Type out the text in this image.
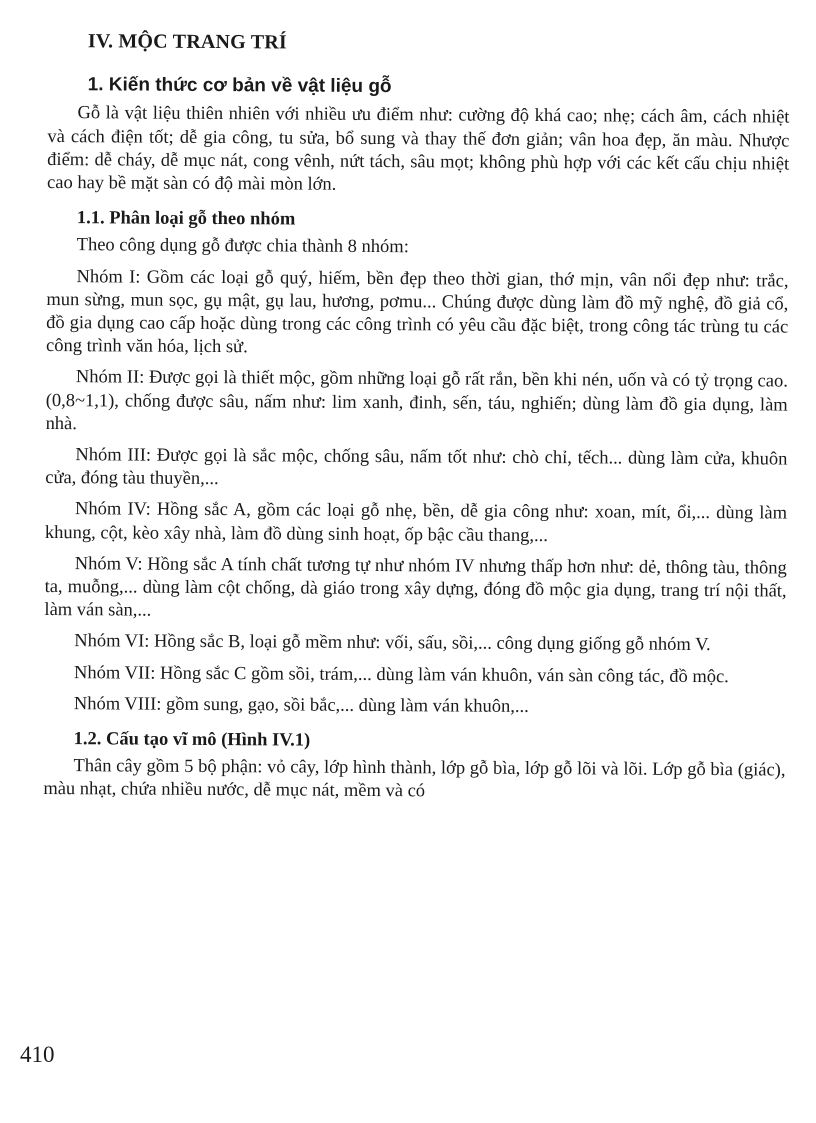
IV. MỘC TRANG TRÍ
1. Kiến thức cơ bản về vật liệu gỗ

Gỗ là vật liệu thiên nhiên với nhiều ưu điểm như: cường độ khá cao; nhẹ; cách âm, cách nhiệt và cách điện tốt; dễ gia công, tu sửa, bổ sung và thay thế đơn giản; vân hoa đẹp, ăn màu. Nhược điểm: dễ cháy, dễ mục nát, cong vênh, nứt tách, sâu mọt; không phù hợp với các kết cấu chịu nhiệt cao hay bề mặt sàn có độ mài mòn lớn.

1.1. Phân loại gỗ theo nhóm

Theo công dụng gỗ được chia thành 8 nhóm:

Nhóm I: Gồm các loại gỗ quý, hiếm, bền đẹp theo thời gian, thớ mịn, vân nổi đẹp như: trắc, mun sừng, mun sọc, gụ mật, gụ lau, hương, pơmu... Chúng được dùng làm đồ mỹ nghệ, đồ giả cổ, đồ gia dụng cao cấp hoặc dùng trong các công trình có yêu cầu đặc biệt, trong công tác trùng tu các công trình văn hóa, lịch sử.

Nhóm II: Được gọi là thiết mộc, gồm những loại gỗ rất rắn, bền khi nén, uốn và có tỷ trọng cao.(0,8~1,1), chống được sâu, nấm như: lim xanh, đinh, sến, táu, nghiến; dùng làm đồ gia dụng, làm nhà.

Nhóm III: Được gọi là sắc mộc, chống sâu, nấm tốt như: chò chỉ, tếch... dùng làm cửa, khuôn cửa, đóng tàu thuyền,...

Nhóm IV: Hồng sắc A, gồm các loại gỗ nhẹ, bền, dễ gia công như: xoan, mít, ổi,... dùng làm khung, cột, kèo xây nhà, làm đồ dùng sinh hoạt, ốp bậc cầu thang,...

Nhóm V: Hồng sắc A tính chất tương tự như nhóm IV nhưng thấp hơn như: dẻ, thông tàu, thông ta, muỗng,... dùng làm cột chống, dà giáo trong xây dựng, đóng đồ mộc gia dụng, trang trí nội thất, làm ván sàn,...

Nhóm VI: Hồng sắc B, loại gỗ mềm như: vối, sấu, sồi,... công dụng giống gỗ nhóm V.

Nhóm VII: Hồng sắc C gồm sồi, trám,... dùng làm ván khuôn, ván sàn công tác, đồ mộc.

Nhóm VIII: gồm sung, gạo, sồi bắc,... dùng làm ván khuôn,...

1.2. Cấu tạo vĩ mô (Hình IV.1)

Thân cây gồm 5 bộ phận: vỏ cây, lớp hình thành, lớp gỗ bìa, lớp gỗ lõi và lõi. Lớp gỗ bìa (giác), màu nhạt, chứa nhiều nước, dễ mục nát, mềm và có

410
